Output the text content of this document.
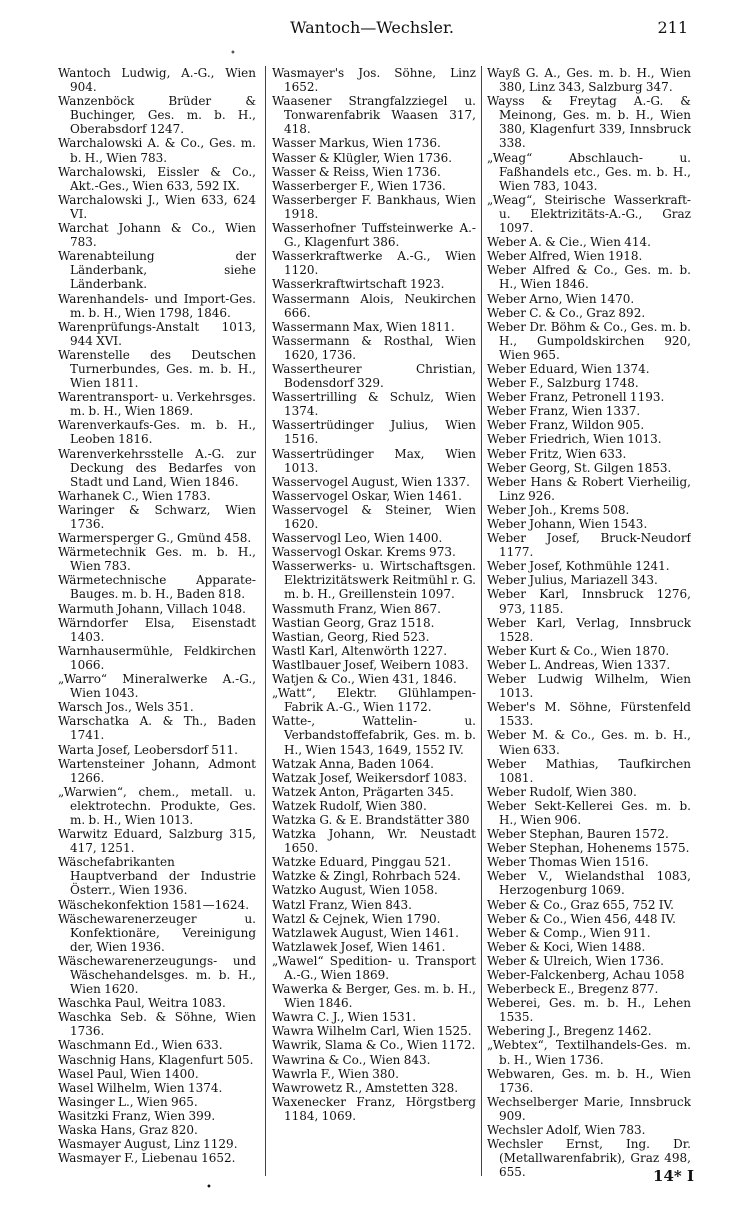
Wantoch—Wechsler.	211
•

Wantoch Ludwig, A.-G., Wien 904.

Wanzenböck Brüder & Buchinger, Ges. m. b. H., Oberabsdorf 1247.

Warchalowski A. & Co., Ges. m. b. H., Wien 783.

Warchalowski, Eissler & Co., Akt.-Ges., Wien 633, 592 IX.

Warchalowski J., Wien 633, 624 VI.

Warchat Johann & Co., Wien 783.

Warenabteilung der Länderbank, siehe Länderbank.

Warenhandels- und Import-Ges. m. b. H., Wien 1798, 1846.

Warenprüfungs-Anstalt 1013, 944 XVI.

Warenstelle des Deutschen Turnerbundes, Ges. m. b. H., Wien 1811.

Warentransport- u. Verkehrsges. m. b. H., Wien 1869.

Warenverkaufs-Ges. m. b. H., Leoben 1816.

Warenverkehrsstelle A.-G. zur Deckung des Bedarfes von Stadt und Land, Wien 1846.

Warhanek C., Wien 1783.

Waringer & Schwarz, Wien 1736.

Warmersperger G., Gmünd 458.

Wärmetechnik Ges. m. b. H., Wien 783.

Wärmetechnische Apparate-Bauges. m. b. H., Baden 818.

Warmuth Johann, Villach 1048.

Wärndorfer Elsa, Eisenstadt 1403.

Warnhausermühle, Feldkirchen 1066.

„Warro“ Mineralwerke A.-G., Wien 1043.

Warsch Jos., Wels 351.

Warschatka A. & Th., Baden 1741.

Warta Josef, Leobersdorf 511.

Wartensteiner Johann, Admont 1266.

„Warwien“, chem., metall. u. elektrotechn. Produkte, Ges. m. b. H., Wien 1013.

Warwitz Eduard, Salzburg 315, 417, 1251.

Wäschefabrikanten Hauptverband der Industrie Österr., Wien 1936.

Wäschekonfektion 1581—1624.

Wäschewarenerzeuger u. Konfektionäre, Vereinigung der, Wien 1936.

Wäschewarenerzeugungs- und Wäschehandelsges. m. b. H., Wien 1620.

Waschka Paul, Weitra 1083.

Waschka Seb. & Söhne, Wien 1736.

Waschmann Ed., Wien 633.

Waschnig Hans, Klagenfurt 505.

Wasel Paul, Wien 1400.

Wasel Wilhelm, Wien 1374.

Wasinger L., Wien 965.

Wasitzki Franz, Wien 399.

Waska Hans, Graz 820.

Wasmayer August, Linz 1129.

Wasmayer F., Liebenau 1652.

Wasmayer's Jos. Söhne, Linz 1652.

Waasener Strangfalzziegel u. Tonwarenfabrik Waasen 317, 418.

Wasser Markus, Wien 1736.

Wasser & Klügler, Wien 1736.

Wasser & Reiss, Wien 1736.

Wasserberger F., Wien 1736.

Wasserberger F. Bankhaus, Wien 1918.

Wasserhofner Tuffsteinwerke A.-G., Klagenfurt 386.

Wasserkraftwerke A.-G., Wien 1120.

Wasserkraftwirtschaft 1923.

Wassermann Alois, Neukirchen 666.

Wassermann Max, Wien 1811.

Wassermann & Rosthal, Wien 1620, 1736.

Wassertheurer Christian, Bodensdorf 329.

Wassertrilling & Schulz, Wien 1374.

Wassertrüdinger Julius, Wien 1516.

Wassertrüdinger Max, Wien 1013.

Wasservogel August, Wien 1337.

Wasservogel Oskar, Wien 1461.

Wasservogel & Steiner, Wien 1620.

Wasservogl Leo, Wien 1400.

Wasservogl Oskar. Krems 973.

Wasserwerks- u. Wirtschaftsgen. Elektrizitätswerk Reitmühl r. G. m. b. H., Greillenstein 1097.

Wassmuth Franz, Wien 867.

Wastian Georg, Graz 1518.

Wastian, Georg, Ried 523.

Wastl Karl, Altenwörth 1227.

Wastlbauer Josef, Weibern 1083.

Watjen & Co., Wien 431, 1846.

„Watt“, Elektr. Glühlampen-Fabrik A.-G., Wien 1172.

Watte-, Wattelin- u. Verbandstoffefabrik, Ges. m. b. H., Wien 1543, 1649, 1552 IV.

Watzak Anna, Baden 1064.

Watzak Josef, Weikersdorf 1083.

Watzek Anton, Prägarten 345.

Watzek Rudolf, Wien 380.

Watzka G. & E. Brandstätter 380

Watzka Johann, Wr. Neustadt 1650.

Watzke Eduard, Pinggau 521.

Watzke & Zingl, Rohrbach 524.

Watzko August, Wien 1058.

Watzl Franz, Wien 843.

Watzl & Cejnek, Wien 1790.

Watzlawek August, Wien 1461.

Watzlawek Josef, Wien 1461.

„Wawel“ Spedition- u. Transport A.-G., Wien 1869.

Wawerka & Berger, Ges. m. b. H., Wien 1846.

Wawra C. J., Wien 1531.

Wawra Wilhelm Carl, Wien 1525.

Wawrik, Slama & Co., Wien 1172.

Wawrina & Co., Wien 843.

Wawrla F., Wien 380.

Wawrowetz R., Amstetten 328.

Waxenecker Franz, Hörgstberg 1184, 1069.

Wayß G. A., Ges. m. b. H., Wien 380, Linz 343, Salzburg 347.

Wayss & Freytag A.-G. & Meinong, Ges. m. b. H., Wien 380, Klagenfurt 339, Innsbruck 338.

„Weag“ Abschlauch- u. Faßhandels etc., Ges. m. b. H., Wien 783, 1043.

„Weag“, Steirische Wasserkraft- u. Elektrizitäts-A.-G., Graz 1097.

Weber A. & Cie., Wien 414.

Weber Alfred, Wien 1918.

Weber Alfred & Co., Ges. m. b. H., Wien 1846.

Weber Arno, Wien 1470.

Weber C. & Co., Graz 892.

Weber Dr. Böhm & Co., Ges. m. b. H., Gumpoldskirchen 920, Wien 965.

Weber Eduard, Wien 1374.

Weber F., Salzburg 1748.

Weber Franz, Petronell 1193.

Weber Franz, Wien 1337.

Weber Franz, Wildon 905.

Weber Friedrich, Wien 1013.

Weber Fritz, Wien 633.

Weber Georg, St. Gilgen 1853.

Weber Hans & Robert Vierheilig, Linz 926.

Weber Joh., Krems 508.

Weber Johann, Wien 1543.

Weber Josef, Bruck-Neudorf 1177.

Weber Josef, Kothmühle 1241.

Weber Julius, Mariazell 343.

Weber Karl, Innsbruck 1276, 973, 1185.

Weber Karl, Verlag, Innsbruck 1528.

Weber Kurt & Co., Wien 1870.

Weber L. Andreas, Wien 1337.

Weber Ludwig Wilhelm, Wien 1013.

Weber's M. Söhne, Fürstenfeld 1533.

Weber M. & Co., Ges. m. b. H., Wien 633.

Weber Mathias, Taufkirchen 1081.

Weber Rudolf, Wien 380.

Weber Sekt-Kellerei Ges. m. b. H., Wien 906.

Weber Stephan, Bauren 1572.

Weber Stephan, Hohenems 1575.

Weber Thomas Wien 1516.

Weber V., Wielandsthal 1083, Herzogenburg 1069.

Weber & Co., Graz 655, 752 IV.

Weber & Co., Wien 456, 448 IV.

Weber & Comp., Wien 911.

Weber & Koci, Wien 1488.

Weber & Ulreich, Wien 1736.

Weber-Falckenberg, Achau 1058

Weberbeck E., Bregenz 877.

Weberei, Ges. m. b. H., Lehen 1535.

Webering J., Bregenz 1462.

„Webtex“, Textilhandels-Ges. m. b. H., Wien 1736.

Webwaren, Ges. m. b. H., Wien 1736.

Wechselberger Marie, Innsbruck 909.

Wechsler Adolf, Wien 783.

Wechsler Ernst, Ing. Dr. (Metallwarenfabrik), Graz 498, 655.

•
14* I
